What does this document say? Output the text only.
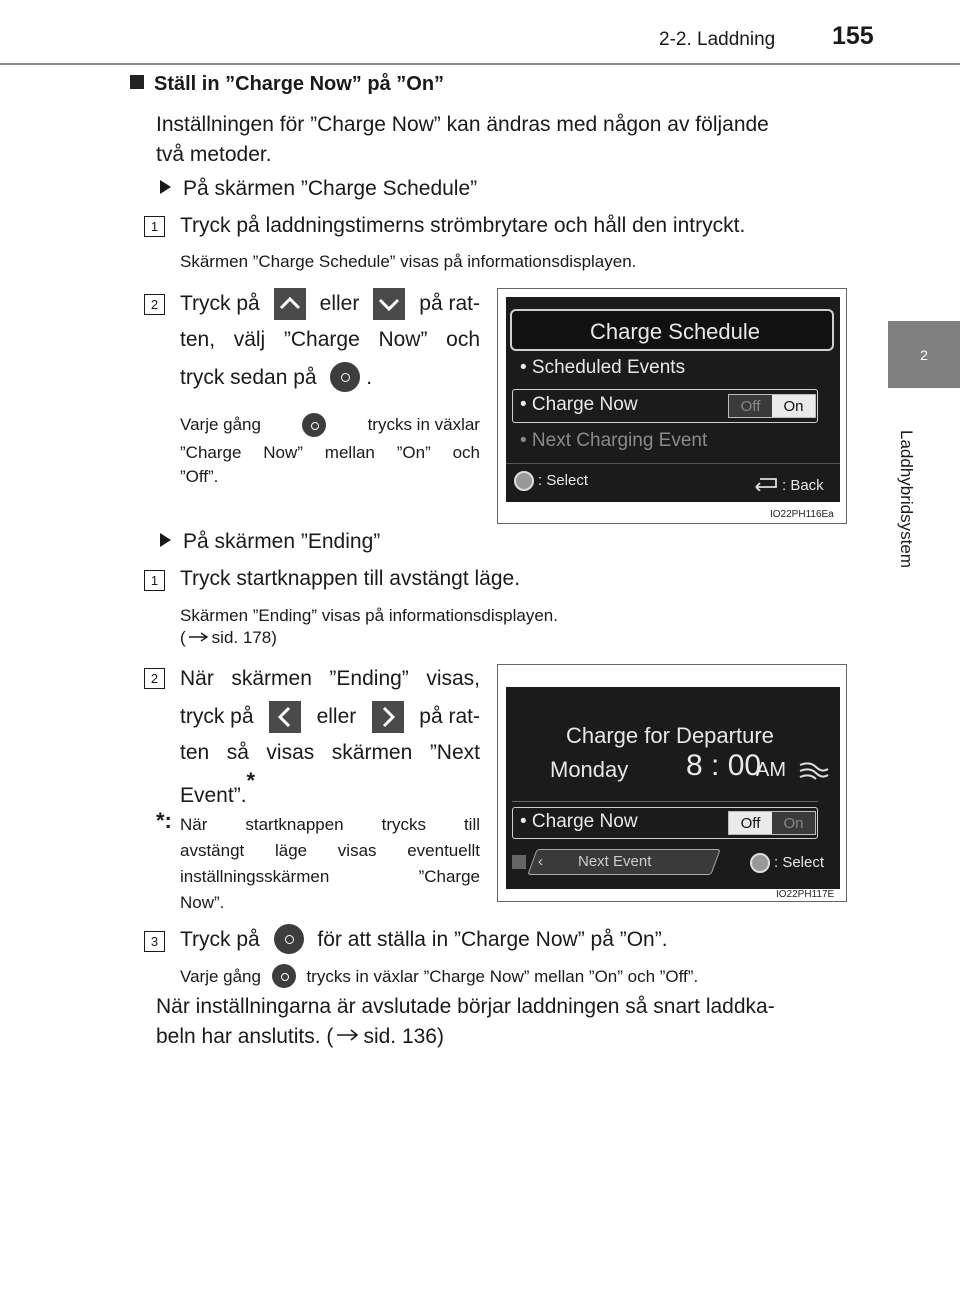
2-2. Laddning 155
2
Laddhybridsystem
Ställ in ”Charge Now” på ”On”
Inställningen för ”Charge Now” kan ändras med någon av följande
två metoder.
På skärmen ”Charge Schedule”
1	Tryck på laddningstimerns strömbrytare och håll den intryckt.
Skärmen ”Charge Schedule” visas på informationsdisplayen.
2	Tryck på	eller	på rat-
ten, välj ”Charge Now” och
tryck sedan på .
Varje gång	trycks in växlar
”Charge Now” mellan ”On” och
”Off”.
Charge Schedule
• Scheduled Events
• Charge Now	Off	On
• Next Charging Event
: Select	: Back
IO22PH116Ea
På skärmen ”Ending”
1	Tryck startknappen till avstängt läge.
Skärmen ”Ending” visas på informationsdisplayen.
( sid. 178)
2	När skärmen ”Ending” visas,
tryck på	eller	på rat-
ten så visas skärmen ”Next
Event”.*
*: När startknappen trycks till
avstängt läge visas eventuellt
inställningsskärmen ”Charge
Now”.
Charge for Departure
Monday 8 : 00
AM
• Charge Now	Off	On
‹ Next Event	: Select
IO22PH117E
3	Tryck på	för att ställa in ”Charge Now” på ”On”.
Varje gång	trycks in växlar ”Charge Now” mellan ”On” och ”Off”.
När inställningarna är avslutade börjar laddningen så snart laddka-
beln har anslutits. ( sid. 136)
